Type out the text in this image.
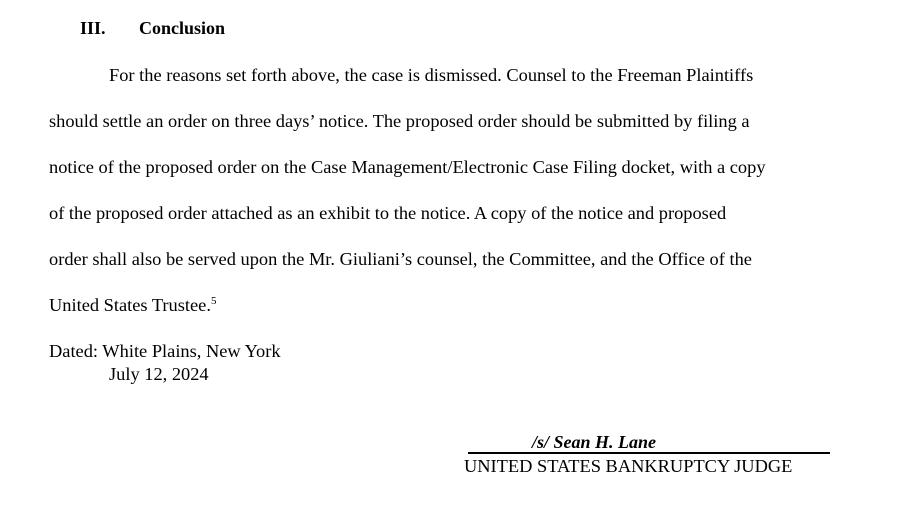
III. Conclusion
For the reasons set forth above, the case is dismissed. Counsel to the Freeman Plaintiffs
should settle an order on three days’ notice. The proposed order should be submitted by filing a
notice of the proposed order on the Case Management/Electronic Case Filing docket, with a copy
of the proposed order attached as an exhibit to the notice. A copy of the notice and proposed
order shall also be served upon the Mr. Giuliani’s counsel, the Committee, and the Office of the
United States Trustee.$^5$
Dated: White Plains, New York
July 12, 2024
/s/ Sean H. Lane
UNITED STATES BANKRUPTCY JUDGE
